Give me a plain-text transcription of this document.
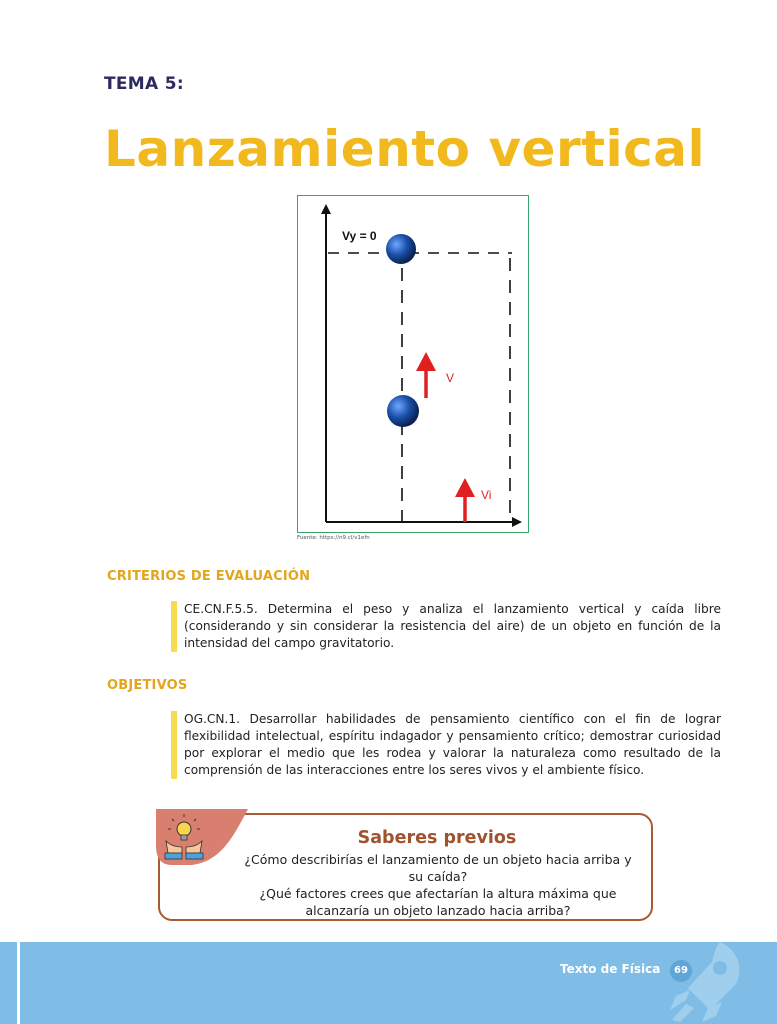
TEMA 5:
Lanzamiento vertical
Vy = 0
V
Vi
Fuente: https://n9.cl/v1efn
CRITERIOS DE EVALUACIÓN
CE.CN.F.5.5. Determina el peso y analiza el lanzamiento vertical y caída libre (considerando y sin considerar la resistencia del aire) de un objeto en función de la intensidad del campo gravitatorio.
OBJETIVOS
OG.CN.1. Desarrollar habilidades de pensamiento científico con el fin de lograr flexibilidad intelectual, espíritu indagador y pensamiento crítico; demostrar curiosidad por explorar el medio que les rodea y valorar la naturaleza como resultado de la comprensión de las interacciones entre los seres vivos y el ambiente físico.
Saberes previos
¿Cómo describirías el lanzamiento de un objeto hacia arriba y su caída?
¿Qué factores crees que afectarían la altura máxima que alcanzaría un objeto lanzado hacia arriba?
Texto de Física	69
